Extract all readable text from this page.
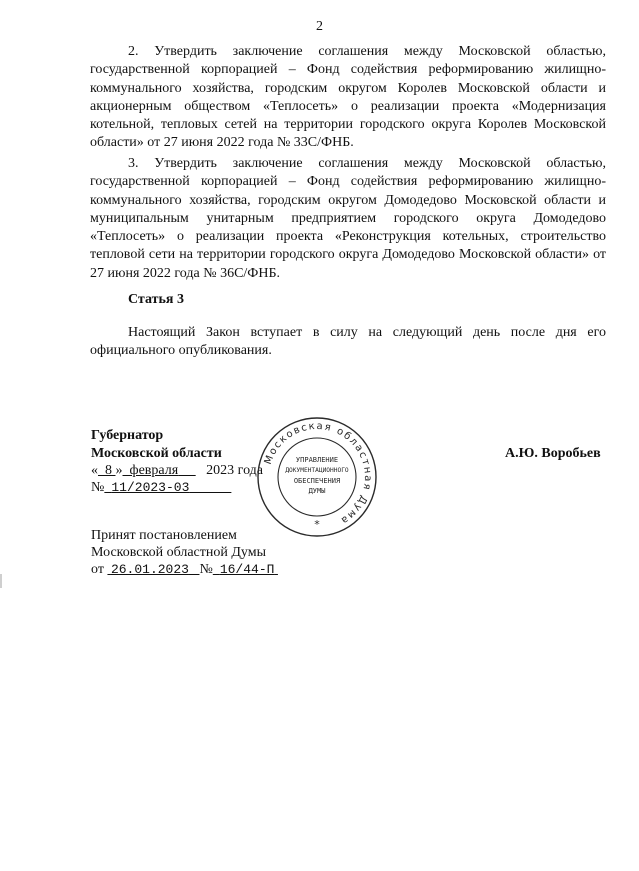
2

2. Утвердить заключение соглашения между Московской областью, государственной корпорацией – Фонд содействия реформированию жилищно-коммунального хозяйства, городским округом Королев Московской области и акционерным обществом «Теплосеть» о реализации проекта «Модернизация котельной, тепловых сетей на территории городского округа Королев Московской области» от 27 июня 2022 года № 33С/ФНБ.

3. Утвердить заключение соглашения между Московской областью, государственной корпорацией – Фонд содействия реформированию жилищно-коммунального хозяйства, городским округом Домодедово Московской области и муниципальным унитарным предприятием городского округа Домодедово «Теплосеть» о реализации проекта «Реконструкция котельных, строительство тепловой сети на территории городского округа Домодедово Московской области» от 27 июня 2022 года № 36С/ФНБ.

Статья 3

Настоящий Закон вступает в силу на следующий день после дня его официального опубликования.

Губернатор
Московской области	А.Ю. Воробьев
« 8 » февраля 2023 года
№ 11/2023-03
Принят постановлением
Московской областной Думы
от 26.01.2023 № 16/44-П
Московская областная Дума
УПРАВЛЕНИЕ
ДОКУМЕНТАЦИОННОГО
ОБЕСПЕЧЕНИЯ
ДУМЫ
*
